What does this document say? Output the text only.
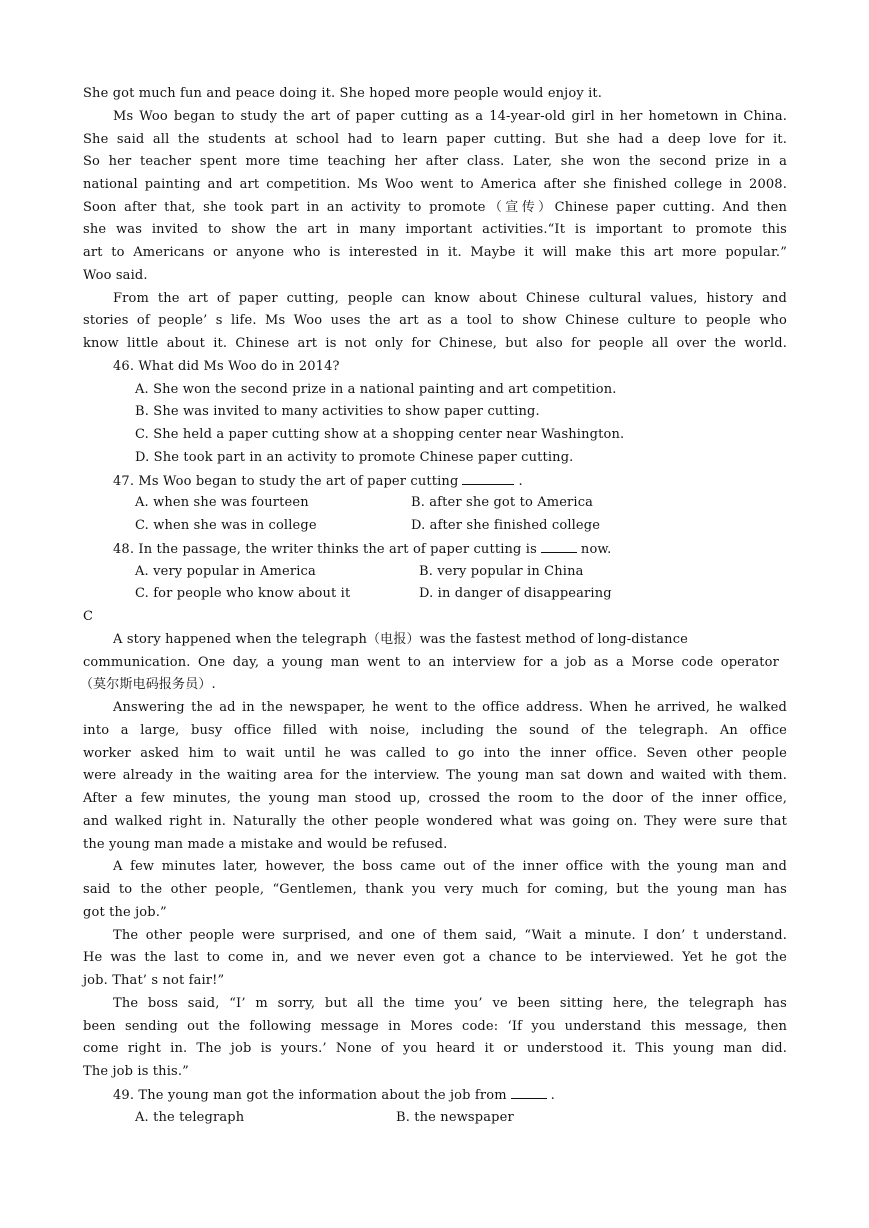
She got much fun and peace doing it. She hoped more people would enjoy it.
Ms Woo began to study the art of paper cutting as a 14-year-old girl in her hometown in China.
She said all the students at school had to learn paper cutting. But she had a deep love for it.
So her teacher spent more time teaching her after class. Later, she won the second prize in a
national painting and art competition. Ms Woo went to America after she finished college in 2008.
Soon after that, she took part in an activity to promote（宣传）Chinese paper cutting. And then
she was invited to show the art in many important activities.“It is important to promote this
art to Americans or anyone who is interested in it. Maybe it will make this art more popular.”
Woo said.
From the art of paper cutting, people can know about Chinese cultural values, history and
stories of people’ s life. Ms Woo uses the art as a tool to show Chinese culture to people who
know little about it. Chinese art is not only for Chinese, but also for people all over the world.
46. What did Ms Woo do in 2014?
A. She won the second prize in a national painting and art competition.
B. She was invited to many activities to show paper cutting.
C. She held a paper cutting show at a shopping center near Washington.
D. She took part in an activity to promote Chinese paper cutting.
47. Ms Woo began to study the art of paper cutting	.
A. when she was fourteen	B. after she got to America
C. when she was in college	D. after she finished college
48. In the passage, the writer thinks the art of paper cutting is	now.
A. very popular in America	B. very popular in China
C. for people who know about it	D. in danger of disappearing
C
A story happened when the telegraph（电报）was the fastest method of long-distance
communication. One day, a young man went to an interview for a job as a Morse code operator
（莫尔斯电码报务员）.
Answering the ad in the newspaper, he went to the office address. When he arrived, he walked
into a large, busy office filled with noise, including the sound of the telegraph. An office
worker asked him to wait until he was called to go into the inner office. Seven other people
were already in the waiting area for the interview. The young man sat down and waited with them.
After a few minutes, the young man stood up, crossed the room to the door of the inner office,
and walked right in. Naturally the other people wondered what was going on. They were sure that
the young man made a mistake and would be refused.
A few minutes later, however, the boss came out of the inner office with the young man and
said to the other people, “Gentlemen, thank you very much for coming, but the young man has
got the job.”
The other people were surprised, and one of them said, “Wait a minute. I don’ t understand.
He was the last to come in, and we never even got a chance to be interviewed. Yet he got the
job. That’ s not fair!”
The boss said, “I’ m sorry, but all the time you’ ve been sitting here, the telegraph has
been sending out the following message in Mores code: ‘If you understand this message, then
come right in. The job is yours.’ None of you heard it or understood it. This young man did.
The job is this.”
49. The young man got the information about the job from	.
A. the telegraph	B. the newspaper
